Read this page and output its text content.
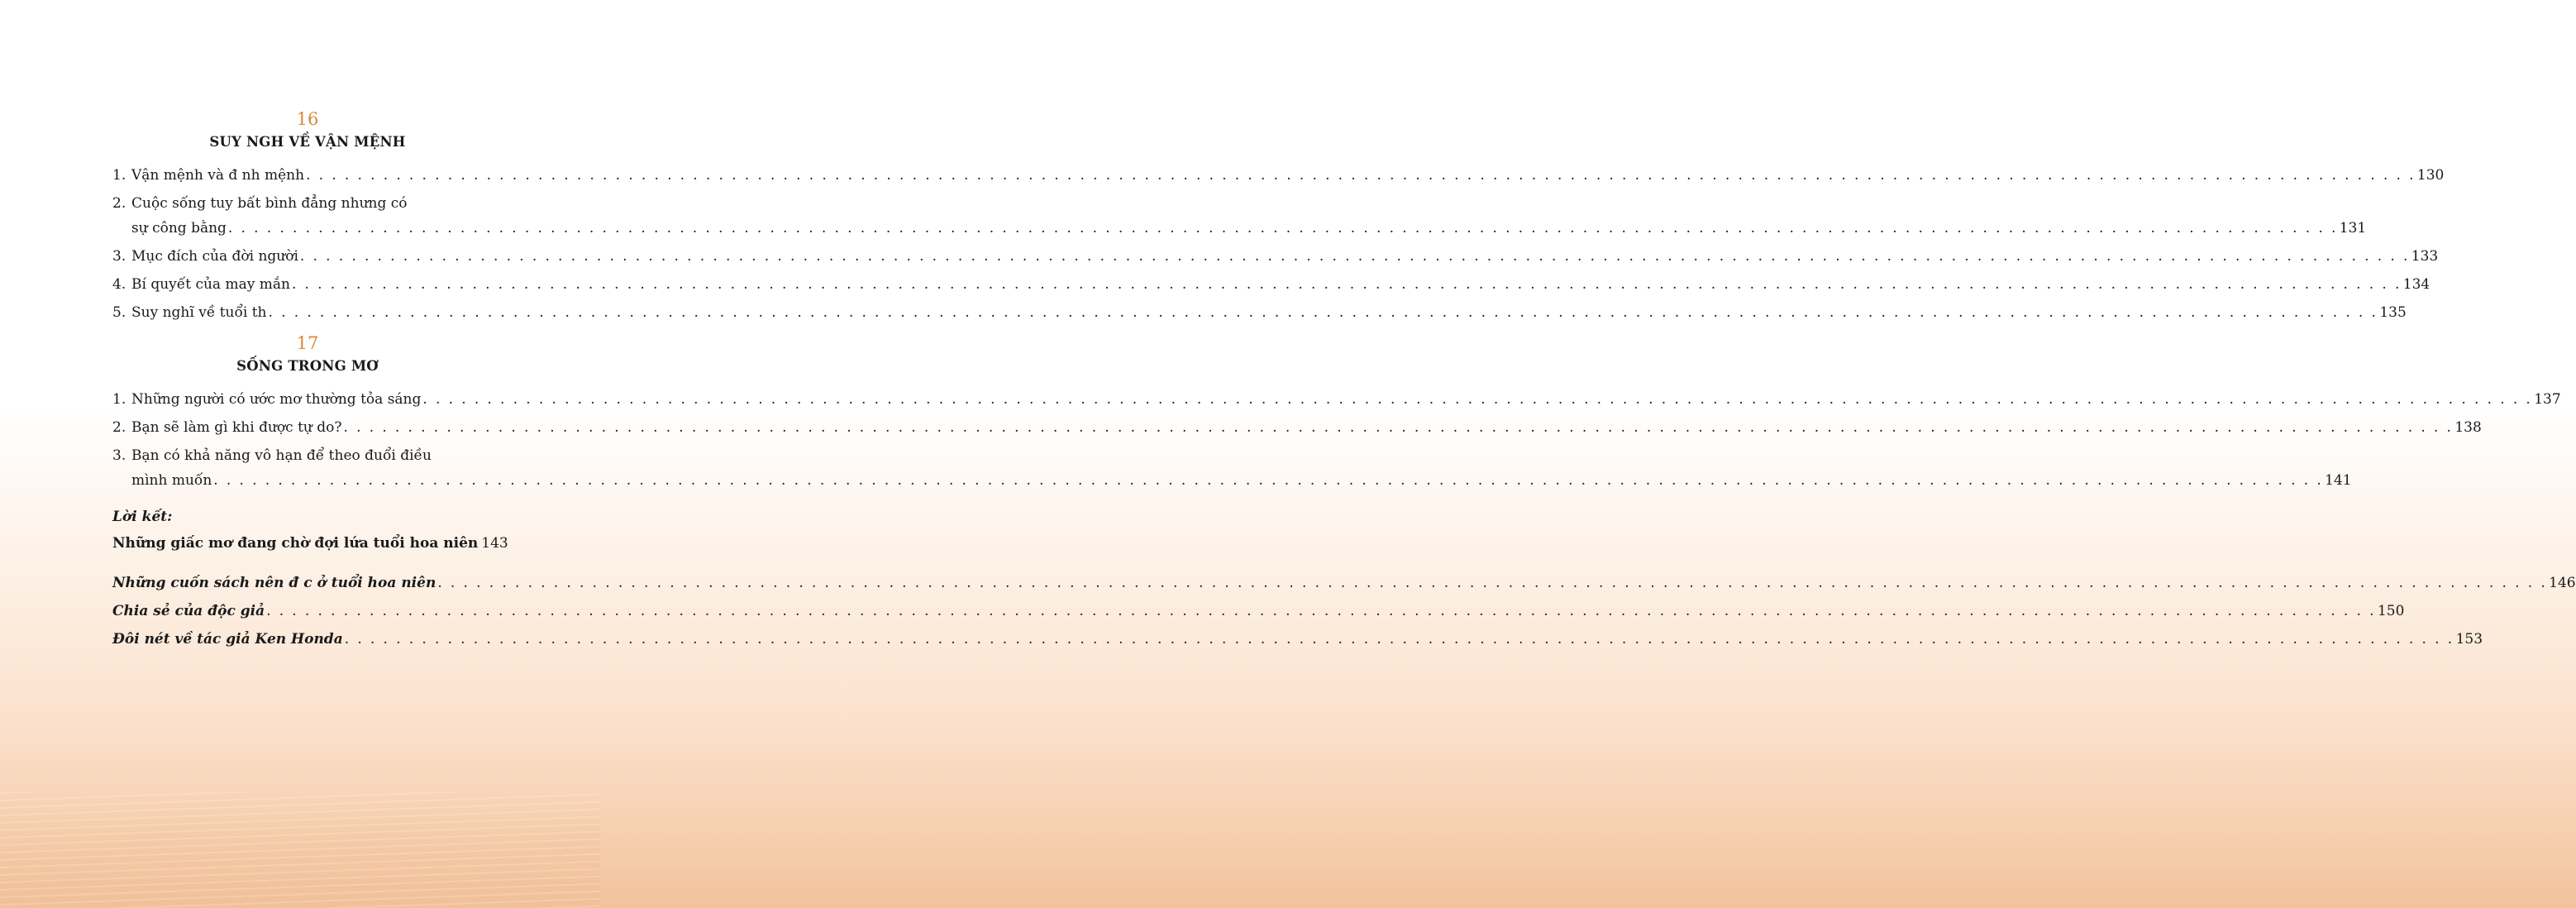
16
SUY NGH VỀ VẬN MỆNH
1. Vận mệnh và đ nh mệnh . . .	130
2. Cuộc sống tuy bất bình đẳng nhưng có
sự công bằng . . .	131
3. Mục đích của đời người . . .	133
4. Bí quyết của may mắn . . .	134
5. Suy nghĩ về tuổi th . . .	135
17
SỐNG TRONG MƠ
1. Những người có ước mơ thường tỏa sáng . . .	137
2. Bạn sẽ làm gì khi được tự do? . . .	138
3. Bạn có khả năng vô hạn để theo đuổi điều
mình muốn . . .	141
Lời kết:
Những giấc mơ đang chờ đợi lứa tuổi hoa niên 143
Những cuốn sách nên đ c ở tuổi hoa niên . . .	146
Chia sẻ của độc giả . . .	150
Đôi nét về tác giả Ken Honda . . .	153
